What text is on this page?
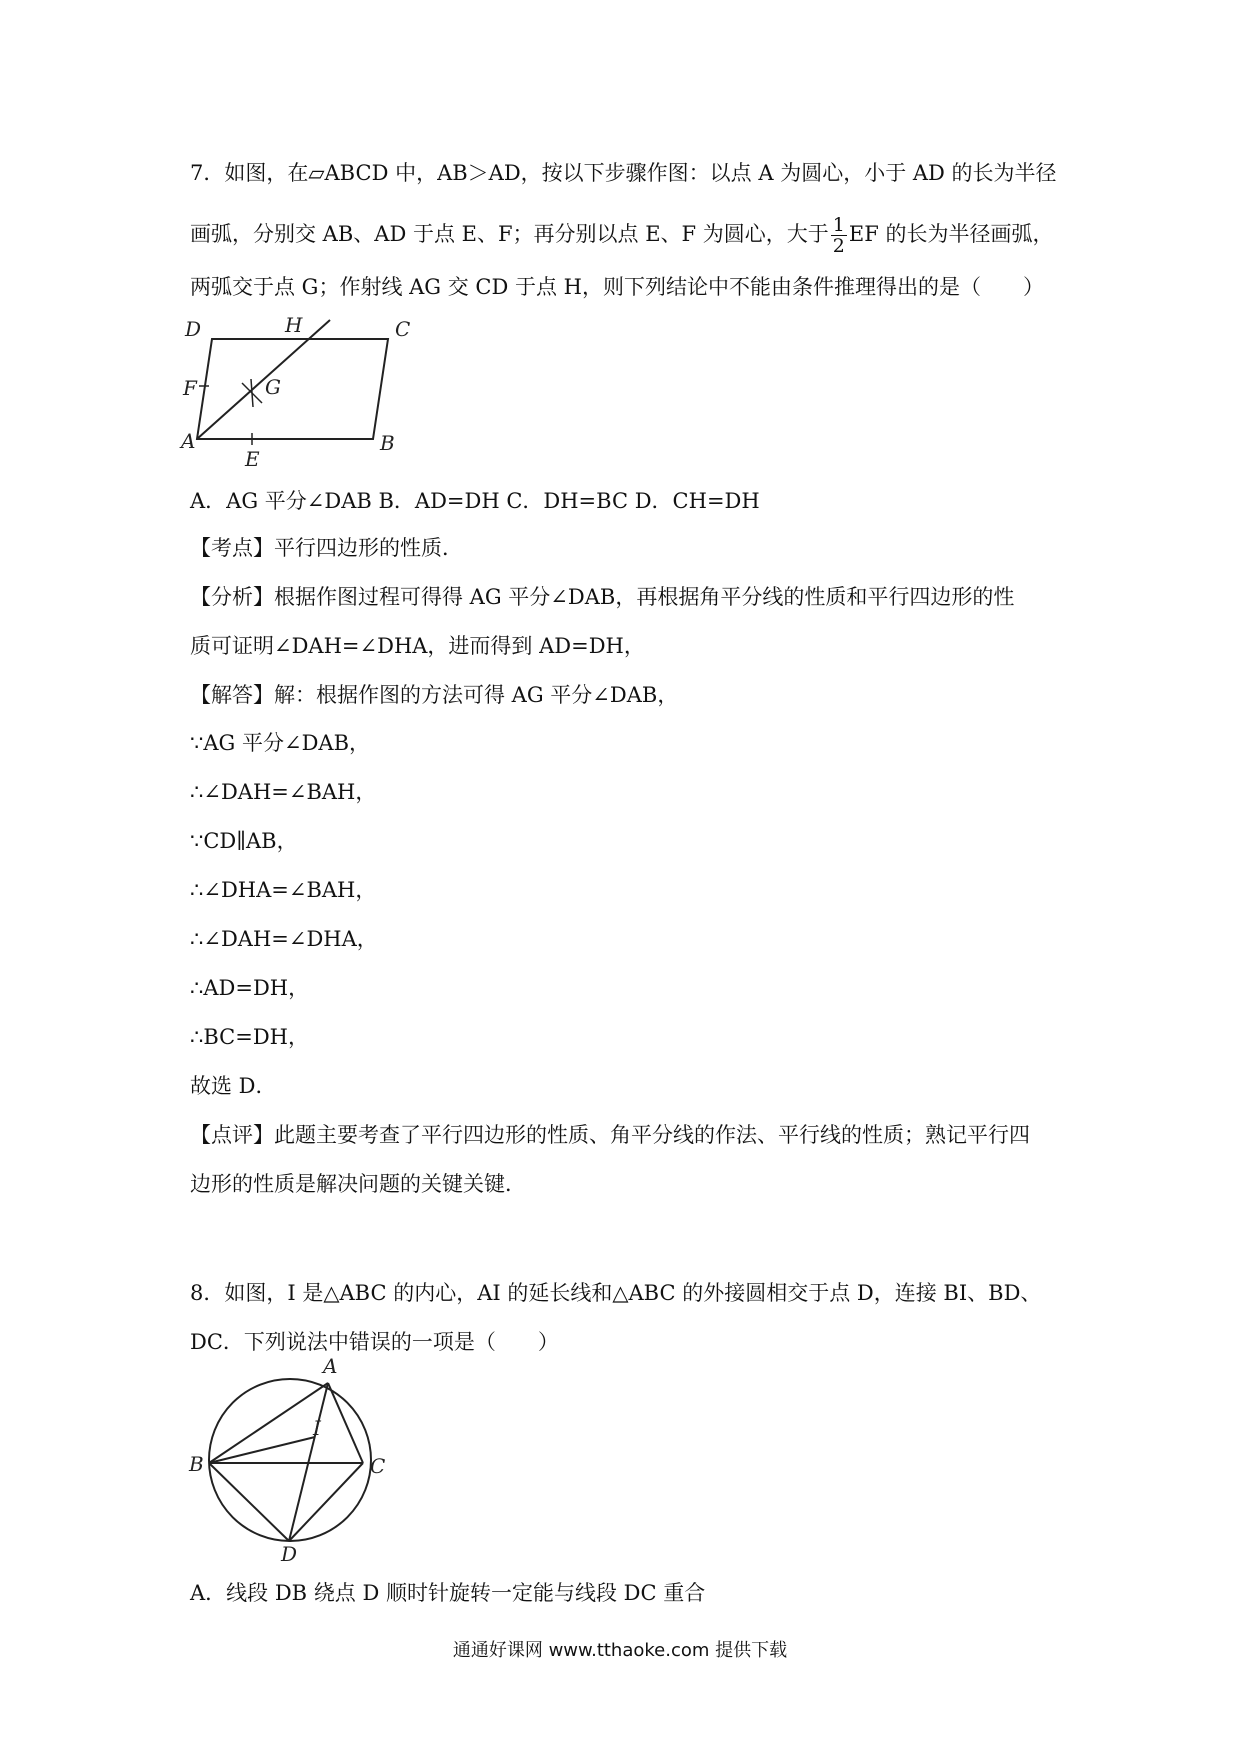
7．如图，在▱ABCD 中，AB＞AD，按以下步骤作图：以点 A 为圆心，小于 AD 的长为半径
画弧，分别交 AB、AD 于点 E、F；再分别以点 E、F 为圆心，大于 $\frac{1}{2}$ EF 的长为半径画弧，
两弧交于点 G；作射线 AG 交 CD 于点 H，则下列结论中不能由条件推理得出的是（　　）
D	H	C
F	G
A
E
B
A．AG 平分∠DAB B．AD=DH C．DH=BC D．CH=DH
【考点】平行四边形的性质．
【分析】根据作图过程可得得 AG 平分∠DAB，再根据角平分线的性质和平行四边形的性
质可证明∠DAH=∠DHA，进而得到 AD=DH，
【解答】解：根据作图的方法可得 AG 平分∠DAB，
∵AG 平分∠DAB，
∴∠DAH=∠BAH，
∵CD∥AB，
∴∠DHA=∠BAH，
∴∠DAH=∠DHA，
∴AD=DH，
∴BC=DH，
故选 D．
【点评】此题主要考查了平行四边形的性质、角平分线的作法、平行线的性质；熟记平行四
边形的性质是解决问题的关键关键．
8．如图，I 是△ABC 的内心，AI 的延长线和△ABC 的外接圆相交于点 D，连接 BI、BD、
DC．下列说法中错误的一项是（　　）
A
I
B	C
D
A．线段 DB 绕点 D 顺时针旋转一定能与线段 DC 重合
通通好课网 www.tthaoke.com 提供下载
